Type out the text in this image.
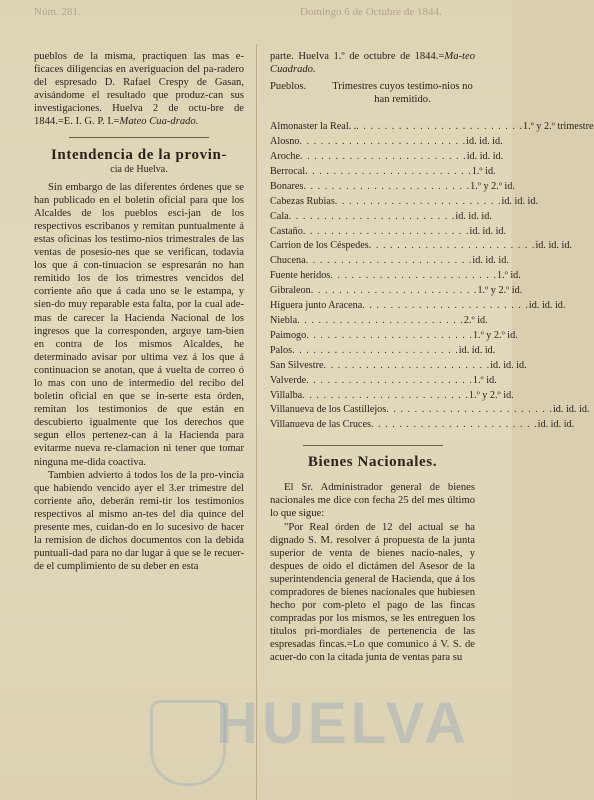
Núm. 281.	Domingo 6 de Octubre de 1844.

pueblos de la misma, practiquen las mas e-ficaces diligencias en averiguacion del pa-radero del espresado D. Rafael Crespy de Gasan, avisándome el resultado que produz-can sus investigaciones. Huelva 2 de octu-bre de 1844.=E. I. G. P. I.=Mateo Cua-drado.

Intendencia de la provin-
cia de Huelva.

Sin embargo de las diferentes órdenes que se han publicado en el boletin oficial para que los Alcaldes de los pueblos esci-jan de los respectivos escribanos y remitan puntualmente á estas oficinas los testimo-nios trimestrales de las ventas de posesio-nes que se verifican, todavia los que á con-tinuacion se espresarán no han remitido los de los trimestres vencidos del corriente año que á cada uno se le estampa, y sien-do muy reparable esta falta, por la cual ade-mas de carecer la Hacienda Nacional de los ingresos que la corresponden, arguye tam-bien en contra de los mismos Alcaldes, he determinado avisar por ultima vez á los que á continuacion se anotan, que á vuelta de correo ó lo mas con uno de intermedio del recibo del boletin oficial en que se in-serte esta órden, remitan los testimonios de que están en descubierto igualmente que los derechos que segun ellos pertenez-can á la Hacienda para evitarme nueva re-clamacion ni tener que tomar ninguna me-dida coactiva.

Tambien advierto á todos los de la pro-vincia que habiendo vencido ayer el 3.er trimestre del corriente año, deberán remi-tir los testimonios respectivos al mismo an-tes del dia quince del presente mes, cuidan-do en lo sucesivo de hacer la remision de dichos documentos con la debida puntuali-dad para no dar lugar á que se le recuer-de el cumplimiento de su deber en esta

parte. Huelva 1.º de octubre de 1844.=Ma-teo Cuadrado.

Pueblos.	Trimestres cuyos testimo-nios no han remitido.
Almonaster la Real. . . . . . . . . . . . . . . . . . . . . . . . . . 1.º y 2.º trimestre
Alosno . . . . . . . . . . . . . . . . . . . . . . . . id. id. id.
Aroche . . . . . . . . . . . . . . . . . . . . . . . . id. id. id.
Berrocal . . . . . . . . . . . . . . . . . . . . . . . . 1.º id.
Bonares . . . . . . . . . . . . . . . . . . . . . . . . 1.º y 2.º id.
Cabezas Rubias . . . . . . . . . . . . . . . . . . . . . . . . id. id. id.
Cala . . . . . . . . . . . . . . . . . . . . . . . . id. id. id.
Castaño . . . . . . . . . . . . . . . . . . . . . . . . id. id. id.
Carrion de los Céspedes . . . . . . . . . . . . . . . . . . . . . . . . id. id. id.
Chucena . . . . . . . . . . . . . . . . . . . . . . . . id. id. id.
Fuente heridos . . . . . . . . . . . . . . . . . . . . . . . . 1.º id.
Gibraleon . . . . . . . . . . . . . . . . . . . . . . . . 1.º y 2.º id.
Higuera junto Aracena . . . . . . . . . . . . . . . . . . . . . . . . id. id. id.
Niebla . . . . . . . . . . . . . . . . . . . . . . . . 2.º id.
Paimogo . . . . . . . . . . . . . . . . . . . . . . . . 1.º y 2.º id.
Palos . . . . . . . . . . . . . . . . . . . . . . . . id. id. id.
San Silvestre . . . . . . . . . . . . . . . . . . . . . . . . id. id. id.
Valverde . . . . . . . . . . . . . . . . . . . . . . . . 1.º id.
Villalba . . . . . . . . . . . . . . . . . . . . . . . . 1.º y 2.º id.
Villanueva de los Castillejos . . . . . . . . . . . . . . . . . . . . . . . . id. id. id.
Villanueva de las Cruces . . . . . . . . . . . . . . . . . . . . . . . . id. id. id.
Bienes Nacionales.

El Sr. Administrador general de bienes nacionales me dice con fecha 25 del mes último lo que sigue:

"Por Real órden de 12 del actual se ha dignado S. M. resolver á propuesta de la junta superior de venta de bienes nacio-nales, y despues de oido el dictámen del Asesor de la superintendencia general de Hacienda, que á los compradores de bienes nacionales que hubiesen hecho por com-pleto el pago de las fincas compradas por los mismos, se les entreguen los títulos pri-mordiales de pertenencia de las espresadas fincas.=Lo que comunico á V. S. de acuer-do con la citada junta de ventas para su

HUELVA
